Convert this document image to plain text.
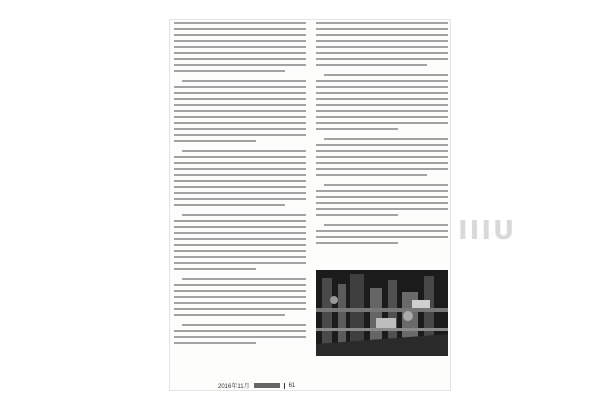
IIIU
2016年11月	61
